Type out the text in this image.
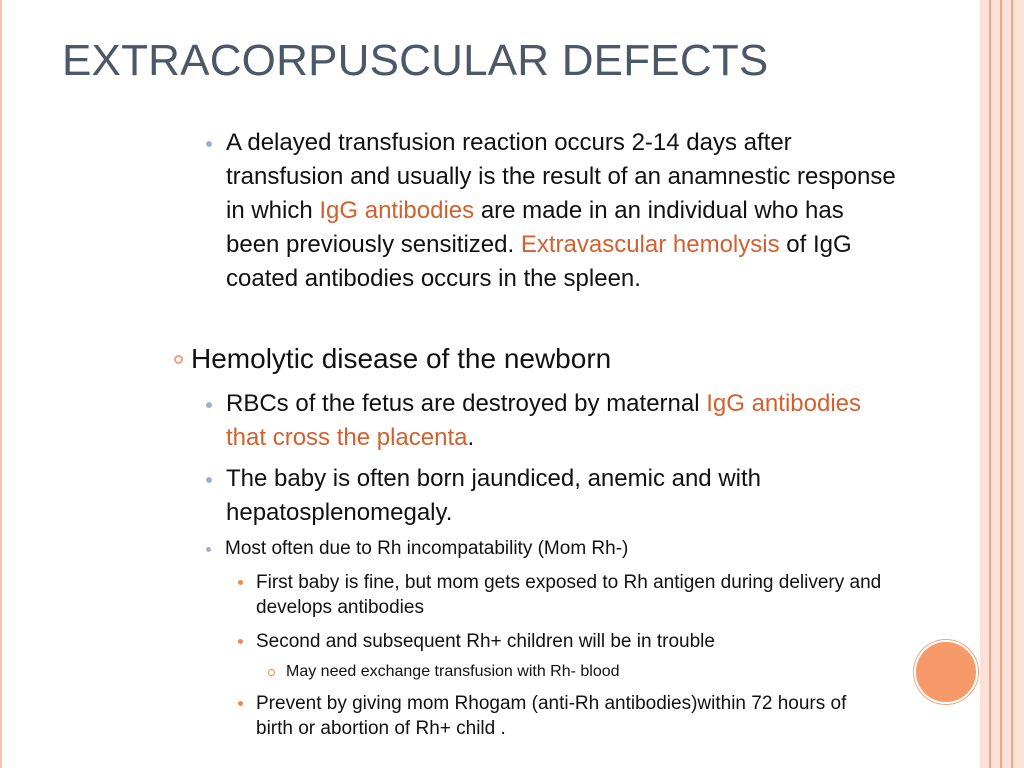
EXTRACORPUSCULAR DEFECTS
A delayed transfusion reaction occurs 2-14 days after transfusion and usually is the result of an anamnestic response in which IgG antibodies are made in an individual who has been previously sensitized. Extravascular hemolysis of IgG coated antibodies occurs in the spleen.
Hemolytic disease of the newborn
RBCs of the fetus are destroyed by maternal IgG antibodies that cross the placenta.
The baby is often born jaundiced, anemic and with hepatosplenomegaly.
Most often due to Rh incompatability (Mom Rh-)
First baby is fine, but mom gets exposed to Rh antigen during delivery and develops antibodies
Second and subsequent Rh+ children will be in trouble
May need exchange transfusion with Rh- blood
Prevent by giving mom Rhogam (anti-Rh antibodies)within 72 hours of birth or abortion of Rh+ child .
